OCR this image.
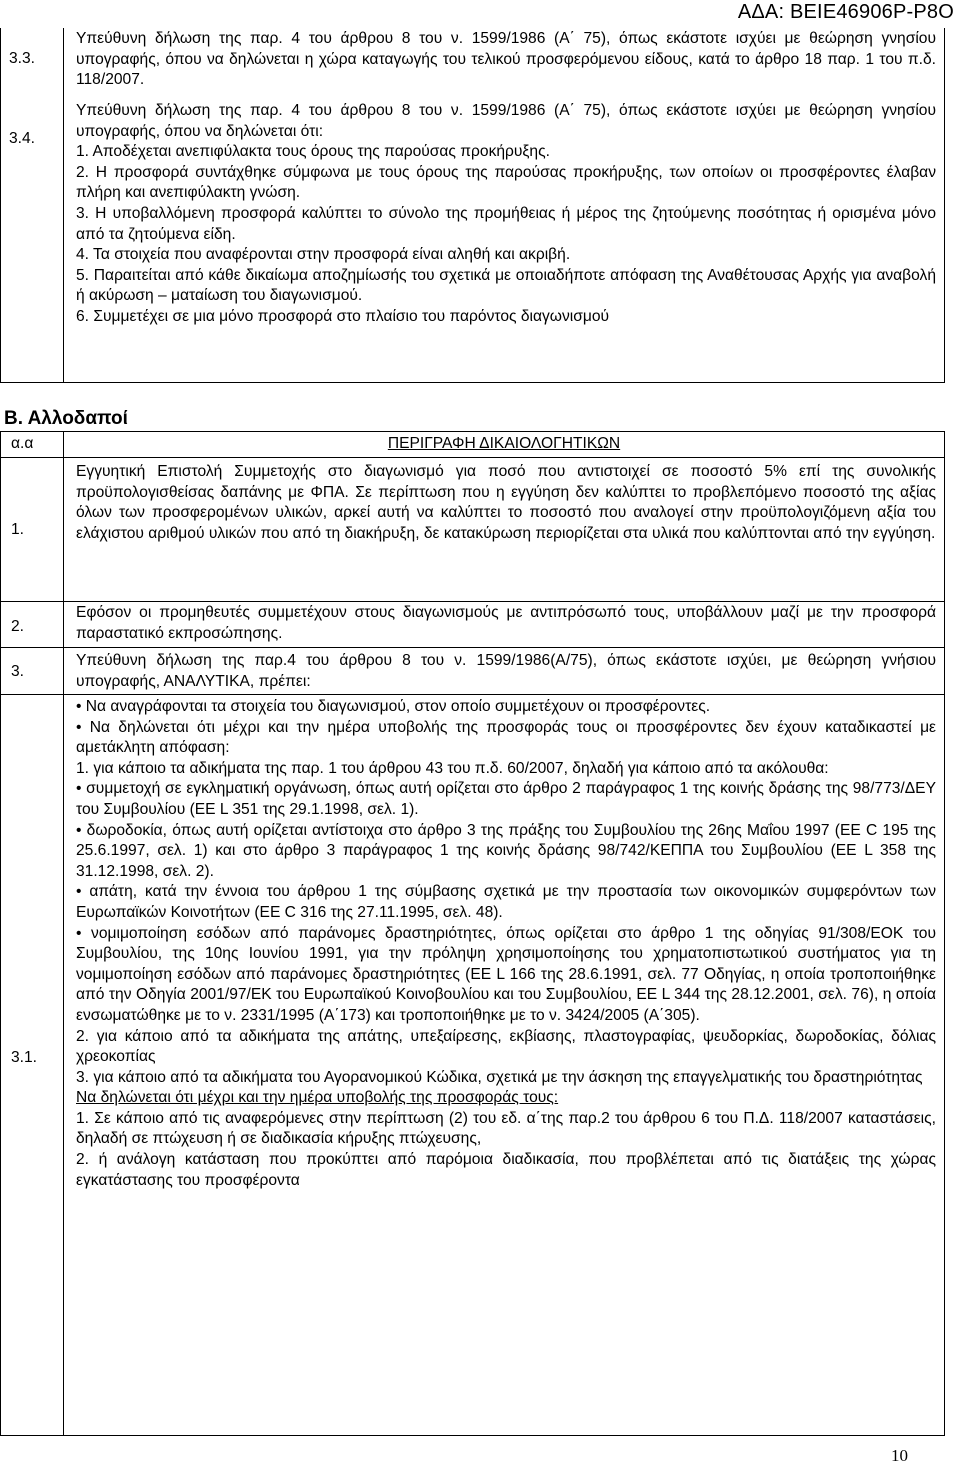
ΑΔΑ: ΒΕΙΕ46906Ρ-Ρ8Ο
3.3.

Υπεύθυνη δήλωση της παρ. 4 του άρθρου 8 του ν. 1599/1986 (Α΄ 75), όπως εκάστοτε ισχύει με θεώρηση γνησίου υπογραφής, όπου να δηλώνεται η χώρα καταγωγής του τελικού προσφερόμενου είδους, κατά το άρθρο 18 παρ. 1 του π.δ. 118/2007.

3.4.

Υπεύθυνη δήλωση της παρ. 4 του άρθρου 8 του ν. 1599/1986 (Α΄ 75), όπως εκάστοτε ισχύει με θεώρηση γνησίου υπογραφής, όπου να δηλώνεται ότι:

1. Αποδέχεται ανεπιφύλακτα τους όρους της παρούσας προκήρυξης.

2. Η προσφορά συντάχθηκε σύμφωνα με τους όρους της παρούσας προκήρυξης, των οποίων οι προσφέροντες έλαβαν πλήρη και ανεπιφύλακτη γνώση.

3. Η υποβαλλόμενη προσφορά καλύπτει το σύνολο της προμήθειας ή μέρος της ζητούμενης ποσότητας ή ορισμένα μόνο από τα ζητούμενα είδη.

4. Τα στοιχεία που αναφέρονται στην προσφορά είναι αληθή και ακριβή.

5. Παραιτείται από κάθε δικαίωμα αποζημίωσής του σχετικά με οποιαδήποτε απόφαση της Αναθέτουσας Αρχής για αναβολή ή ακύρωση – ματαίωση του διαγωνισμού.

6. Συμμετέχει σε μια μόνο προσφορά στο πλαίσιο του παρόντος διαγωνισμού

Β. Αλλοδαποί
α.α	ΠΕΡΙΓΡΑΦΗ ΔΙΚΑΙΟΛΟΓΗΤΙΚΩΝ
1.

Εγγυητική Επιστολή Συμμετοχής στο διαγωνισμό για ποσό που αντιστοιχεί σε ποσοστό 5% επί της συνολικής προϋπολογισθείσας δαπάνης με ΦΠΑ. Σε περίπτωση που η εγγύηση δεν καλύπτει το προβλεπόμενο ποσοστό της αξίας όλων των προσφερομένων υλικών, αρκεί αυτή να καλύπτει το ποσοστό που αναλογεί στην προϋπολογιζόμενη αξία του ελάχιστου αριθμού υλικών που από τη διακήρυξη, δε κατακύρωση περιορίζεται στα υλικά που καλύπτονται από την εγγύηση.

2.

Εφόσον οι προμηθευτές συμμετέχουν στους διαγωνισμούς με αντιπρόσωπό τους, υποβάλλουν μαζί με την προσφορά παραστατικό εκπροσώπησης.

3.

Υπεύθυνη δήλωση της παρ.4 του άρθρου 8 του ν. 1599/1986(Α/75), όπως εκάστοτε ισχύει, με θεώρηση γνήσιου υπογραφής, ΑΝΑΛΥΤΙΚΑ, πρέπει:

3.1.

• Να αναγράφονται τα στοιχεία του διαγωνισμού, στον οποίο συμμετέχουν οι προσφέροντες.

• Να δηλώνεται ότι μέχρι και την ημέρα υποβολής της προσφοράς τους οι προσφέροντες δεν έχουν καταδικαστεί με αμετάκλητη απόφαση:

1. για κάποιο τα αδικήματα της παρ. 1 του άρθρου 43 του π.δ. 60/2007, δηλαδή για κάποιο από τα ακόλουθα:

• συμμετοχή σε εγκληματική οργάνωση, όπως αυτή ορίζεται στο άρθρο 2 παράγραφος 1 της κοινής δράσης της 98/773/ΔΕΥ του Συμβουλίου (ΕΕ L 351 της 29.1.1998, σελ. 1).

• δωροδοκία, όπως αυτή ορίζεται αντίστοιχα στο άρθρο 3 της πράξης του Συμβουλίου της 26ης Μαΐου 1997 (ΕΕ C 195 της 25.6.1997, σελ. 1) και στο άρθρο 3 παράγραφος 1 της κοινής δράσης 98/742/ΚΕΠΠΑ του Συμβουλίου (ΕΕ L 358 της 31.12.1998, σελ. 2).

• απάτη, κατά την έννοια του άρθρου 1 της σύμβασης σχετικά με την προστασία των οικονομικών συμφερόντων των Ευρωπαϊκών Κοινοτήτων (ΕΕ C 316 της 27.11.1995, σελ. 48).

• νομιμοποίηση εσόδων από παράνομες δραστηριότητες, όπως ορίζεται στο άρθρο 1 της οδηγίας 91/308/ΕΟΚ του Συμβουλίου, της 10ης Ιουνίου 1991, για την πρόληψη χρησιμοποίησης του χρηματοπιστωτικού συστήματος για τη νομιμοποίηση εσόδων από παράνομες δραστηριότητες (ΕΕ L 166 της 28.6.1991, σελ. 77 Οδηγίας, η οποία τροποποιήθηκε από την Οδηγία 2001/97/ΕΚ του Ευρωπαϊκού Κοινοβουλίου και του Συμβουλίου, ΕΕ L 344 της 28.12.2001, σελ. 76), η οποία ενσωματώθηκε με το ν. 2331/1995 (Α΄173) και τροποποιήθηκε με το ν. 3424/2005 (Α΄305).

2. για κάποιο από τα αδικήματα της απάτης, υπεξαίρεσης, εκβίασης, πλαστογραφίας, ψευδορκίας, δωροδοκίας, δόλιας χρεοκοπίας

3. για κάποιο από τα αδικήματα του Αγορανομικού Κώδικα, σχετικά με την άσκηση της επαγγελματικής του δραστηριότητας

Να δηλώνεται ότι μέχρι και την ημέρα υποβολής της προσφοράς τους:

1. Σε κάποιο από τις αναφερόμενες στην περίπτωση (2) του εδ. α΄της παρ.2 του άρθρου 6 του Π.Δ. 118/2007 καταστάσεις, δηλαδή σε πτώχευση ή σε διαδικασία κήρυξης πτώχευσης,

2. ή ανάλογη κατάσταση που προκύπτει από παρόμοια διαδικασία, που προβλέπεται από τις διατάξεις της χώρας εγκατάστασης του προσφέροντα

10
